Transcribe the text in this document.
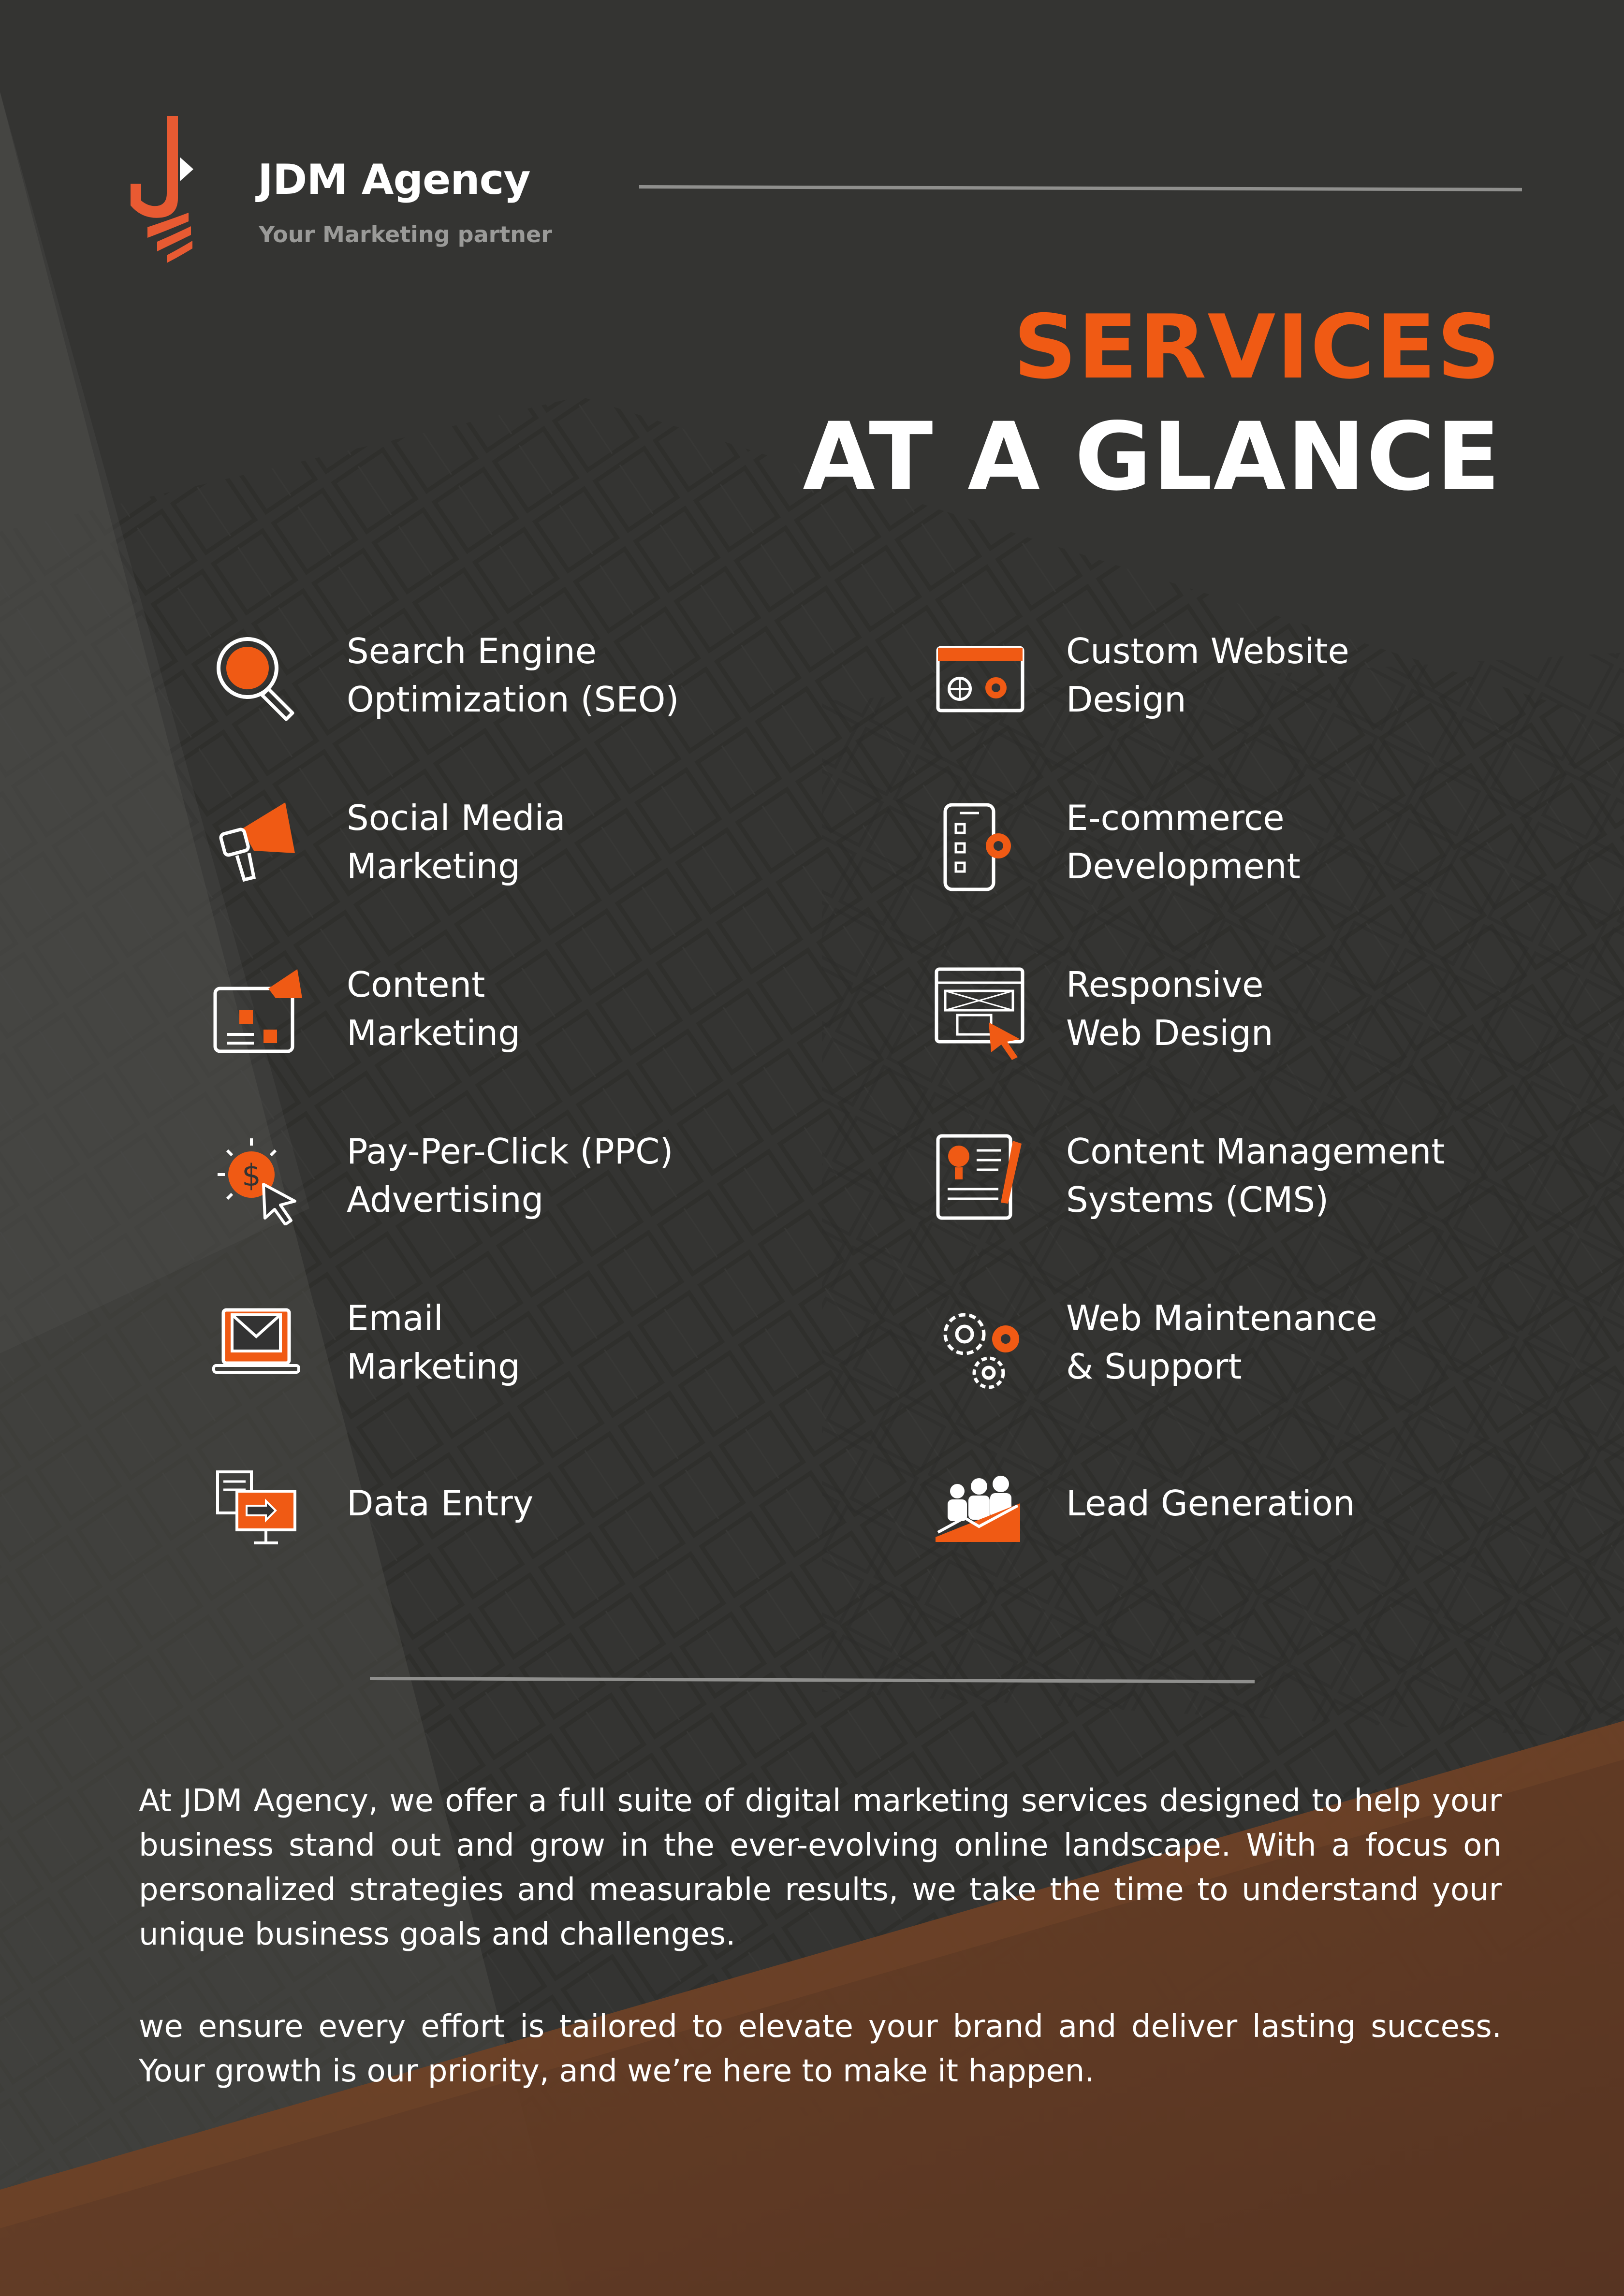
JDM Agency
Your Marketing partner
SERVICES
AT A GLANCE
Search Engine
Optimization (SEO)
Social Media
Marketing
Content
Marketing
$
Pay-Per-Click (PPC)
Advertising
Email
Marketing
Data Entry
Custom Website
Design
E-commerce
Development
Responsive
Web Design
Content Management
Systems (CMS)
Web Maintenance
& Support
Lead Generation

At JDM Agency, we offer a full suite of digital marketing services designed to help your business stand out and grow in the ever-evolving online landscape. With a focus on personalized strategies and measurable results, we take the time to understand your unique business goals and challenges.

we ensure every effort is tailored to elevate your brand and deliver lasting success. Your growth is our priority, and we’re here to make it happen.
